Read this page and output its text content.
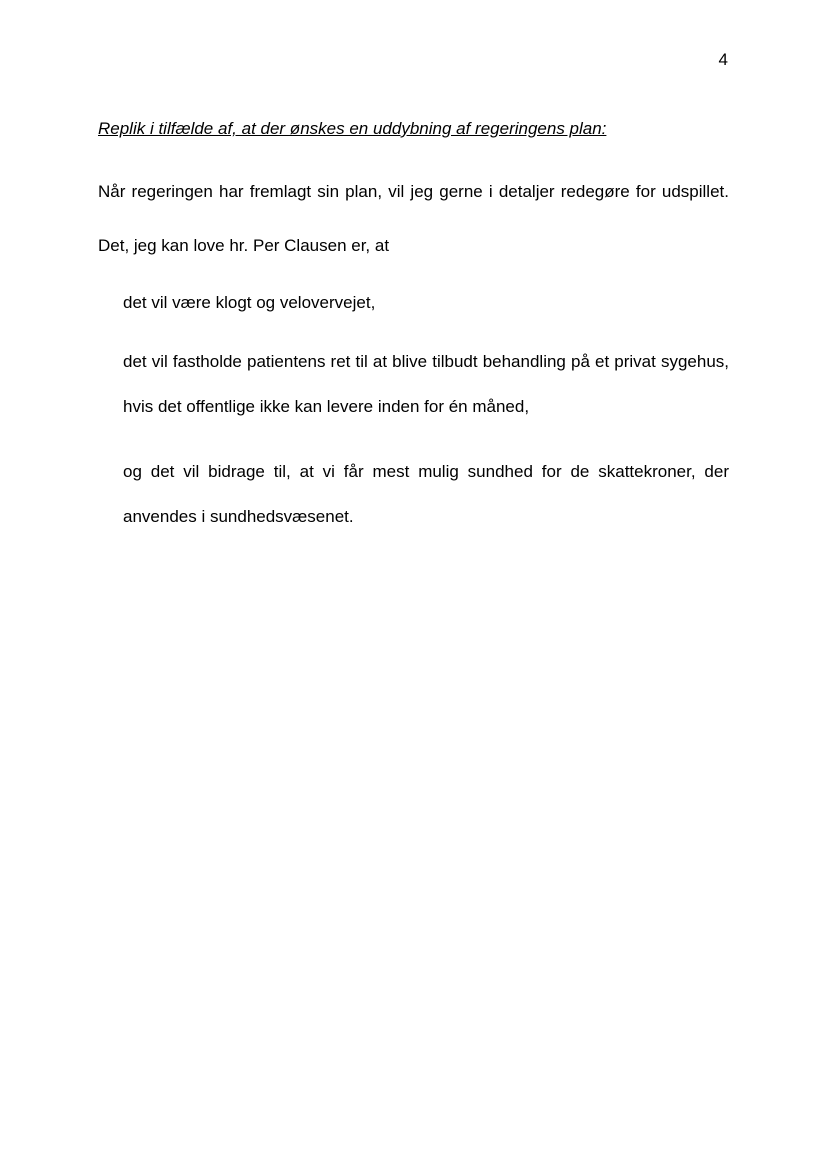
4
Replik i tilfælde af, at der ønskes en uddybning af regeringens plan:

Når regeringen har fremlagt sin plan, vil jeg gerne i detaljer redegøre for udspillet. Det, jeg kan love hr. Per Clausen er, at

det vil være klogt og velovervejet,

det vil fastholde patientens ret til at blive tilbudt behandling på et privat sygehus, hvis det offentlige ikke kan levere inden for én måned,

og det vil bidrage til, at vi får mest mulig sundhed for de skattekroner, der anvendes i sundhedsvæsenet.
